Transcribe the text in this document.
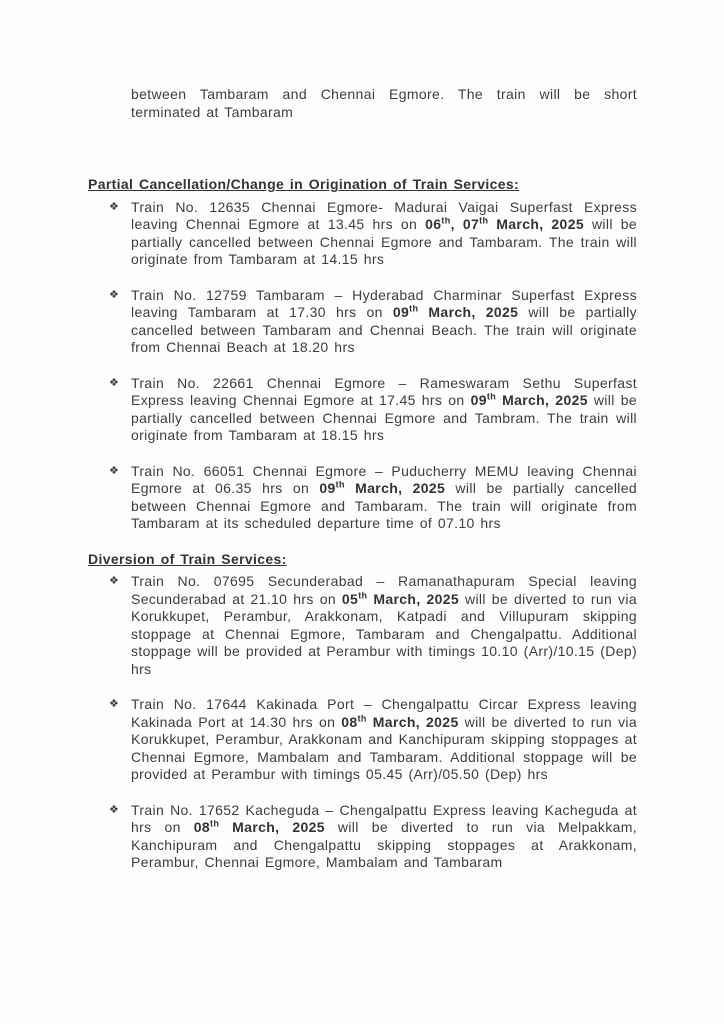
between Tambaram and Chennai Egmore. The train will be short terminated at Tambaram

Partial Cancellation/Change in Origination of Train Services:
❖ Train No. 12635 Chennai Egmore- Madurai Vaigai Superfast Express leaving Chennai Egmore at 13.45 hrs on 06th, 07th March, 2025 will be partially cancelled between Chennai Egmore and Tambaram. The train will originate from Tambaram at 14.15 hrs

❖ Train No. 12759 Tambaram – Hyderabad Charminar Superfast Express leaving Tambaram at 17.30 hrs on 09th March, 2025 will be partially cancelled between Tambaram and Chennai Beach. The train will originate from Chennai Beach at 18.20 hrs

❖ Train No. 22661 Chennai Egmore – Rameswaram Sethu Superfast Express leaving Chennai Egmore at 17.45 hrs on 09th March, 2025 will be partially cancelled between Chennai Egmore and Tambram. The train will originate from Tambaram at 18.15 hrs

❖ Train No. 66051 Chennai Egmore – Puducherry MEMU leaving Chennai Egmore at 06.35 hrs on 09th March, 2025 will be partially cancelled between Chennai Egmore and Tambaram. The train will originate from Tambaram at its scheduled departure time of 07.10 hrs

Diversion of Train Services:
❖ Train No. 07695 Secunderabad – Ramanathapuram Special leaving Secunderabad at 21.10 hrs on 05th March, 2025 will be diverted to run via Korukkupet, Perambur, Arakkonam, Katpadi and Villupuram skipping stoppage at Chennai Egmore, Tambaram and Chengalpattu. Additional stoppage will be provided at Perambur with timings 10.10 (Arr)/10.15 (Dep) hrs

❖ Train No. 17644 Kakinada Port – Chengalpattu Circar Express leaving Kakinada Port at 14.30 hrs on 08th March, 2025 will be diverted to run via Korukkupet, Perambur, Arakkonam and Kanchipuram skipping stoppages at Chennai Egmore, Mambalam and Tambaram. Additional stoppage will be provided at Perambur with timings 05.45 (Arr)/05.50 (Dep) hrs

❖ Train No. 17652 Kacheguda – Chengalpattu Express leaving Kacheguda at hrs on 08th March, 2025 will be diverted to run via Melpakkam, Kanchipuram and Chengalpattu skipping stoppages at Arakkonam, Perambur, Chennai Egmore, Mambalam and Tambaram
